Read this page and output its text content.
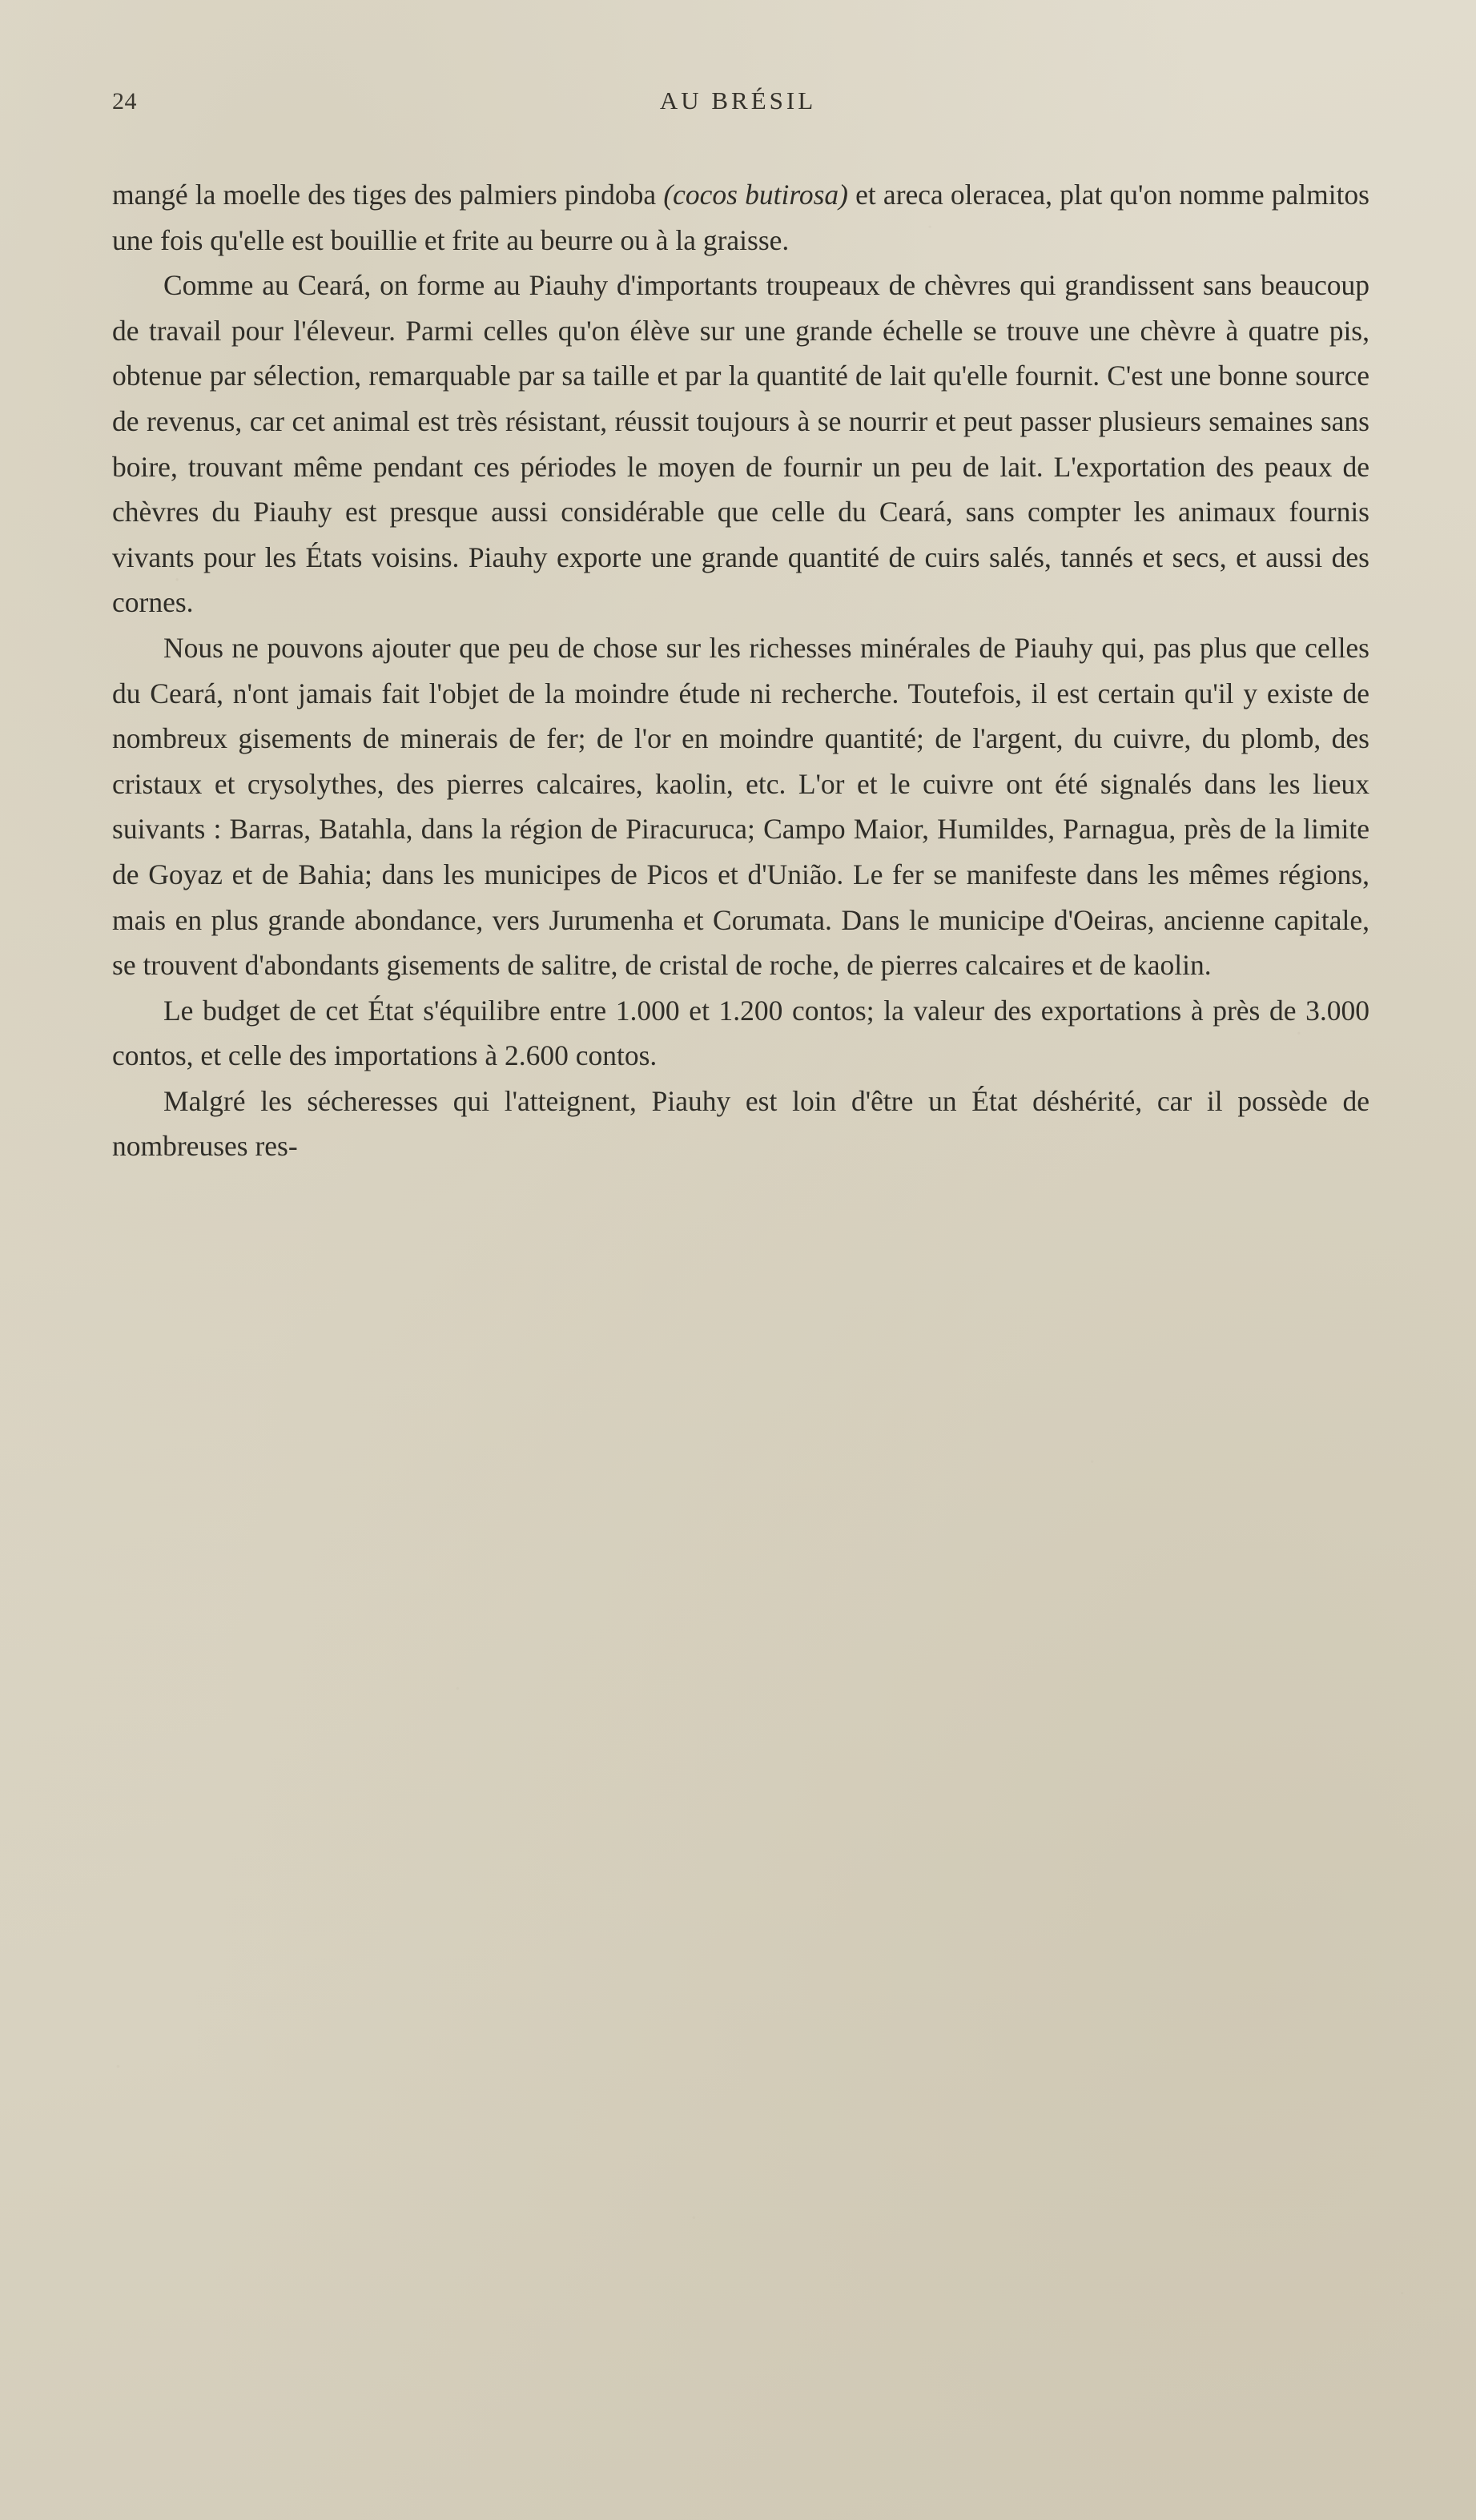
24	AU BRÉSIL

mangé la moelle des tiges des palmiers pindoba (cocos butirosa) et areca oleracea, plat qu'on nomme palmitos une fois qu'elle est bouillie et frite au beurre ou à la graisse.

Comme au Ceará, on forme au Piauhy d'importants troupeaux de chèvres qui grandissent sans beaucoup de travail pour l'éleveur. Parmi celles qu'on élève sur une grande échelle se trouve une chèvre à quatre pis, obtenue par sélection, remarquable par sa taille et par la quantité de lait qu'elle fournit. C'est une bonne source de revenus, car cet animal est très résistant, réussit toujours à se nourrir et peut passer plusieurs semaines sans boire, trouvant même pendant ces périodes le moyen de fournir un peu de lait. L'exportation des peaux de chèvres du Piauhy est presque aussi considérable que celle du Ceará, sans compter les animaux fournis vivants pour les États voisins. Piauhy exporte une grande quantité de cuirs salés, tannés et secs, et aussi des cornes.

Nous ne pouvons ajouter que peu de chose sur les richesses minérales de Piauhy qui, pas plus que celles du Ceará, n'ont jamais fait l'objet de la moindre étude ni recherche. Toutefois, il est certain qu'il y existe de nombreux gisements de minerais de fer; de l'or en moindre quantité; de l'argent, du cuivre, du plomb, des cristaux et crysolythes, des pierres calcaires, kaolin, etc. L'or et le cuivre ont été signalés dans les lieux suivants : Barras, Batahla, dans la région de Piracuruca; Campo Maior, Humildes, Parnagua, près de la limite de Goyaz et de Bahia; dans les municipes de Picos et d'União. Le fer se manifeste dans les mêmes régions, mais en plus grande abondance, vers Jurumenha et Corumata. Dans le municipe d'Oeiras, ancienne capitale, se trouvent d'abondants gisements de salitre, de cristal de roche, de pierres calcaires et de kaolin.

Le budget de cet État s'équilibre entre 1.000 et 1.200 contos; la valeur des exportations à près de 3.000 contos, et celle des importations à 2.600 contos.

Malgré les sécheresses qui l'atteignent, Piauhy est loin d'être un État déshérité, car il possède de nombreuses res-
